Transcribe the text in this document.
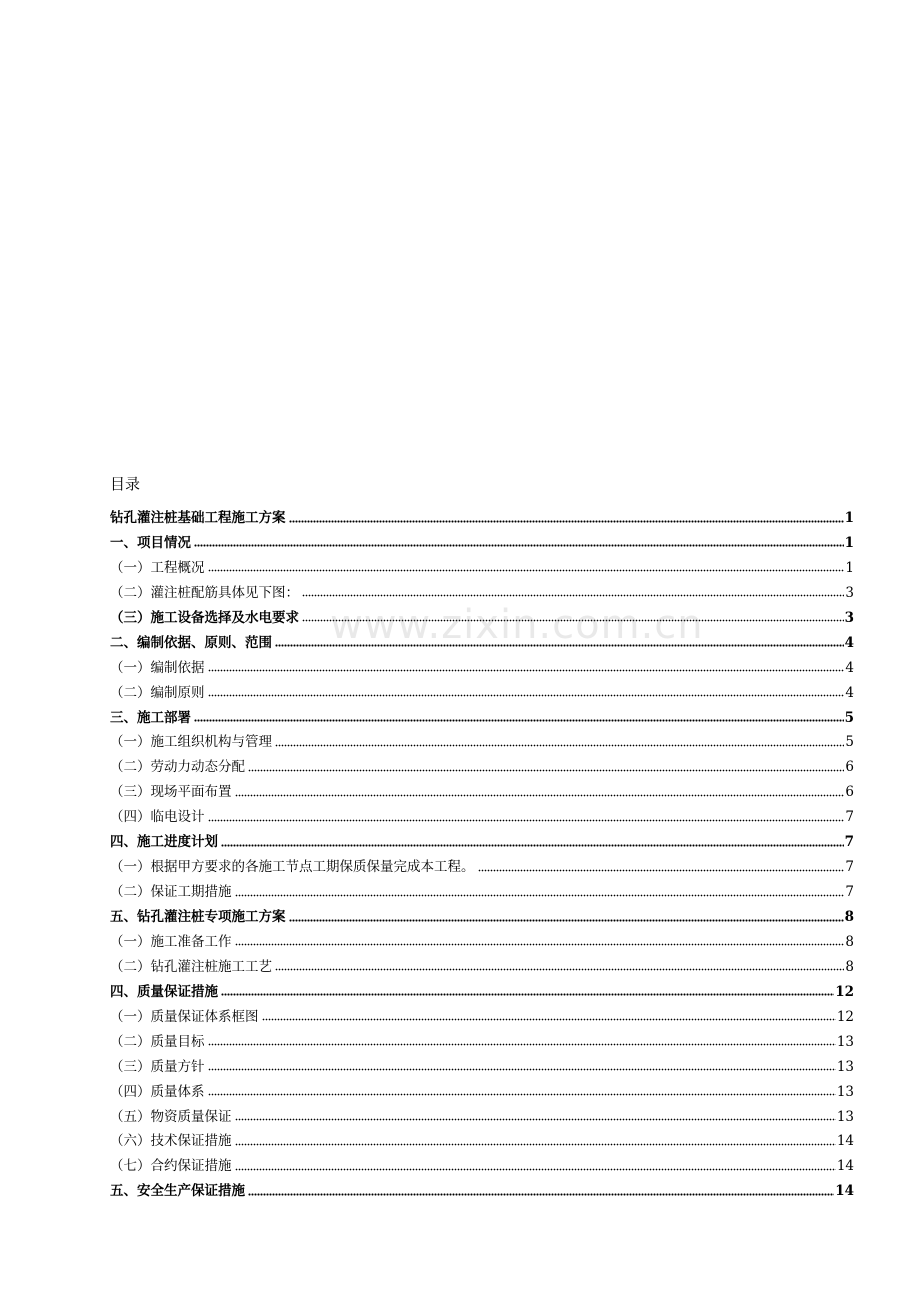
目录
钻孔灌注桩基础工程施工方案	1
一、项目情况	1
（一）工程概况	1
（二）灌注桩配筋具体见下图：	3
（三）施工设备选择及水电要求	3
二、编制依据、原则、范围	4
（一）编制依据	4
（二）编制原则	4
三、施工部署	5
（一）施工组织机构与管理	5
（二）劳动力动态分配	6
（三）现场平面布置	6
（四）临电设计	7
四、施工进度计划	7
（一）根据甲方要求的各施工节点工期保质保量完成本工程。	7
（二）保证工期措施	7
五、钻孔灌注桩专项施工方案	8
（一）施工准备工作	8
（二）钻孔灌注桩施工工艺	8
四、质量保证措施	12
（一）质量保证体系框图	12
（二）质量目标	13
（三）质量方针	13
（四）质量体系	13
（五）物资质量保证	13
（六）技术保证措施	14
（七）合约保证措施	14
五、安全生产保证措施	14
www.zixin.com.cn
